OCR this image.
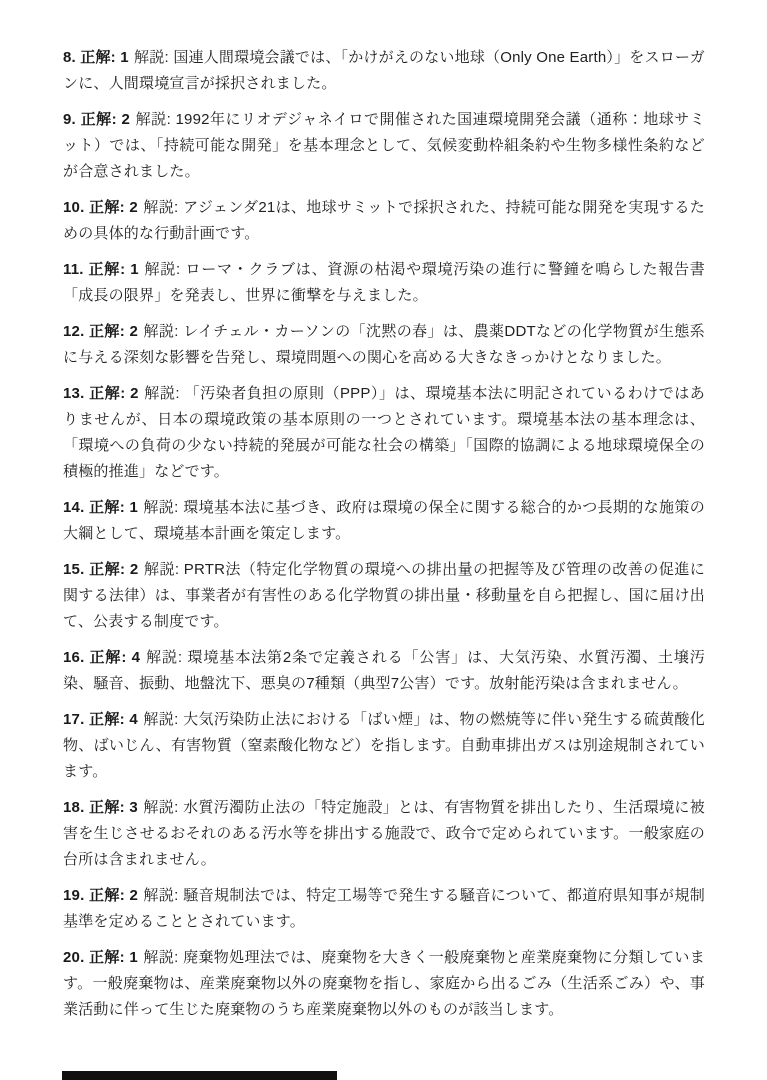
8. 正解: 1 解説: 国連人間環境会議では、「かけがえのない地球（Only One Earth）」をスローガンに、人間環境宣言が採択されました。

9. 正解: 2 解説: 1992年にリオデジャネイロで開催された国連環境開発会議（通称：地球サミット）では、「持続可能な開発」を基本理念として、気候変動枠組条約や生物多様性条約などが合意されました。

10. 正解: 2 解説: アジェンダ21は、地球サミットで採択された、持続可能な開発を実現するための具体的な行動計画です。

11. 正解: 1 解説: ローマ・クラブは、資源の枯渇や環境汚染の進行に警鐘を鳴らした報告書「成長の限界」を発表し、世界に衝撃を与えました。

12. 正解: 2 解説: レイチェル・カーソンの「沈黙の春」は、農薬DDTなどの化学物質が生態系に与える深刻な影響を告発し、環境問題への関心を高める大きなきっかけとなりました。

13. 正解: 2 解説: 「汚染者負担の原則（PPP）」は、環境基本法に明記されているわけではありませんが、日本の環境政策の基本原則の一つとされています。環境基本法の基本理念は、「環境への負荷の少ない持続的発展が可能な社会の構築」「国際的協調による地球環境保全の積極的推進」などです。

14. 正解: 1 解説: 環境基本法に基づき、政府は環境の保全に関する総合的かつ長期的な施策の大綱として、環境基本計画を策定します。

15. 正解: 2 解説: PRTR法（特定化学物質の環境への排出量の把握等及び管理の改善の促進に関する法律）は、事業者が有害性のある化学物質の排出量・移動量を自ら把握し、国に届け出て、公表する制度です。

16. 正解: 4 解説: 環境基本法第2条で定義される「公害」は、大気汚染、水質汚濁、土壌汚染、騒音、振動、地盤沈下、悪臭の7種類（典型7公害）です。放射能汚染は含まれません。

17. 正解: 4 解説: 大気汚染防止法における「ばい煙」は、物の燃焼等に伴い発生する硫黄酸化物、ばいじん、有害物質（窒素酸化物など）を指します。自動車排出ガスは別途規制されています。

18. 正解: 3 解説: 水質汚濁防止法の「特定施設」とは、有害物質を排出したり、生活環境に被害を生じさせるおそれのある汚水等を排出する施設で、政令で定められています。一般家庭の台所は含まれません。

19. 正解: 2 解説: 騒音規制法では、特定工場等で発生する騒音について、都道府県知事が規制基準を定めることとされています。

20. 正解: 1 解説: 廃棄物処理法では、廃棄物を大きく一般廃棄物と産業廃棄物に分類しています。一般廃棄物は、産業廃棄物以外の廃棄物を指し、家庭から出るごみ（生活系ごみ）や、事業活動に伴って生じた廃棄物のうち産業廃棄物以外のものが該当します。
